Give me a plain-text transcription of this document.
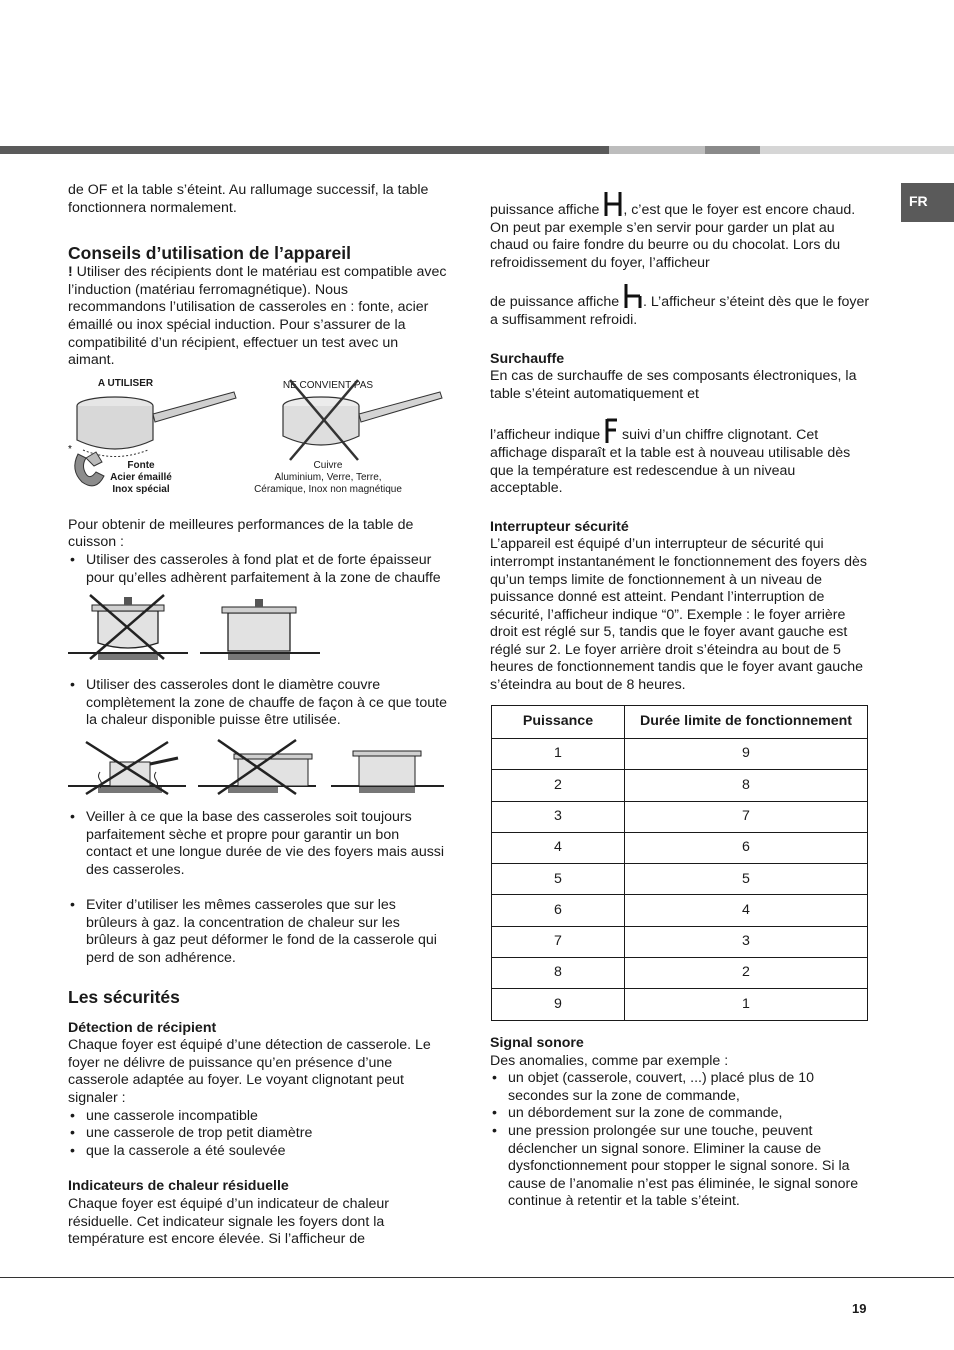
FR

de OF et la table s’éteint. Au rallumage successif, la table fonctionnera normalement.

Conseils d’utilisation de l’appareil

! Utiliser des récipients dont le matériau est compatible avec l’induction (matériau ferromagnétique). Nous recommandons l’utilisation de casseroles en : fonte, acier émaillé ou inox spécial induction. Pour s’assurer de la compatibilité d’un récipient, effectuer un test avec un aimant.

A UTILISER	NE CONVIENT PAS
*
Fonte
Acier émaillé
Inox spécial
Cuivre
Aluminium, Verre, Terre,
Céramique, Inox non magnétique

Pour obtenir de meilleures performances de la table de cuisson :

• Utiliser des casseroles à fond plat et de forte épaisseur pour qu’elles adhèrent parfaitement à la zone de chauffe
• Utiliser des casseroles dont le diamètre couvre complètement la zone de chauffe de façon à ce que toute la chaleur disponible puisse être utilisée.
• Veiller à ce que la base des casseroles soit toujours parfaitement sèche et propre pour garantir un bon contact et une longue durée de vie des foyers mais aussi des casseroles.
• Eviter d’utiliser les mêmes casseroles que sur les brûleurs à gaz. la concentration de chaleur sur les brûleurs à gaz peut déformer le fond de la casserole qui perd de son adhérence.
Les sécurités
Détection de récipient

Chaque foyer est équipé d’une détection de casserole. Le foyer ne délivre de puissance qu’en présence d’une casserole adaptée au foyer. Le voyant clignotant peut signaler :

• une casserole incompatible
• une casserole de trop petit diamètre
• que la casserole a été soulevée
Indicateurs de chaleur résiduelle

Chaque foyer est équipé d’un indicateur de chaleur résiduelle. Cet indicateur signale les foyers dont la température est encore élevée. Si l’afficheur de

puissance affiche , c’est que le foyer est encore chaud. On peut par exemple s’en servir pour garder un plat au chaud ou faire fondre du beurre ou du chocolat. Lors du refroidissement du foyer, l’afficheur

de puissance affiche . L’afficheur s’éteint dès que le foyer a suffisamment refroidi.

Surchauffe

En cas de surchauffe de ses composants électroniques, la table s’éteint automatiquement et

l’afficheur indique  suivi d’un chiffre clignotant. Cet affichage disparaît et la table est à nouveau utilisable dès que la température est redescendue à un niveau acceptable.

Interrupteur sécurité

L’appareil est équipé d’un interrupteur de sécurité qui interrompt instantanément le fonctionnement des foyers dès qu’un temps limite de fonctionnement à un niveau de puissance donné est atteint. Pendant l’interruption de sécurité, l’afficheur indique “0”. Exemple : le foyer arrière droit est réglé sur 5, tandis que le foyer avant gauche est réglé sur 2. Le foyer arrière droit s’éteindra au bout de 5 heures de fonctionnement tandis que le foyer avant gauche s’éteindra au bout de 8 heures.

Puissance	Durée limite de fonctionnement
1	9
2	8
3	7
4	6
5	5
6	4
7	3
8	2
9	1
Signal sonore

Des anomalies, comme par exemple :

• un objet (casserole, couvert, ...) placé plus de 10 secondes sur la zone de commande,
• un débordement sur la zone de commande,
• une pression prolongée sur une touche, peuvent déclencher un signal sonore. Eliminer la cause de dysfonctionnement pour stopper le signal sonore. Si la cause de l’anomalie n’est pas éliminée, le signal sonore continue à retentir et la table s’éteint.
19
